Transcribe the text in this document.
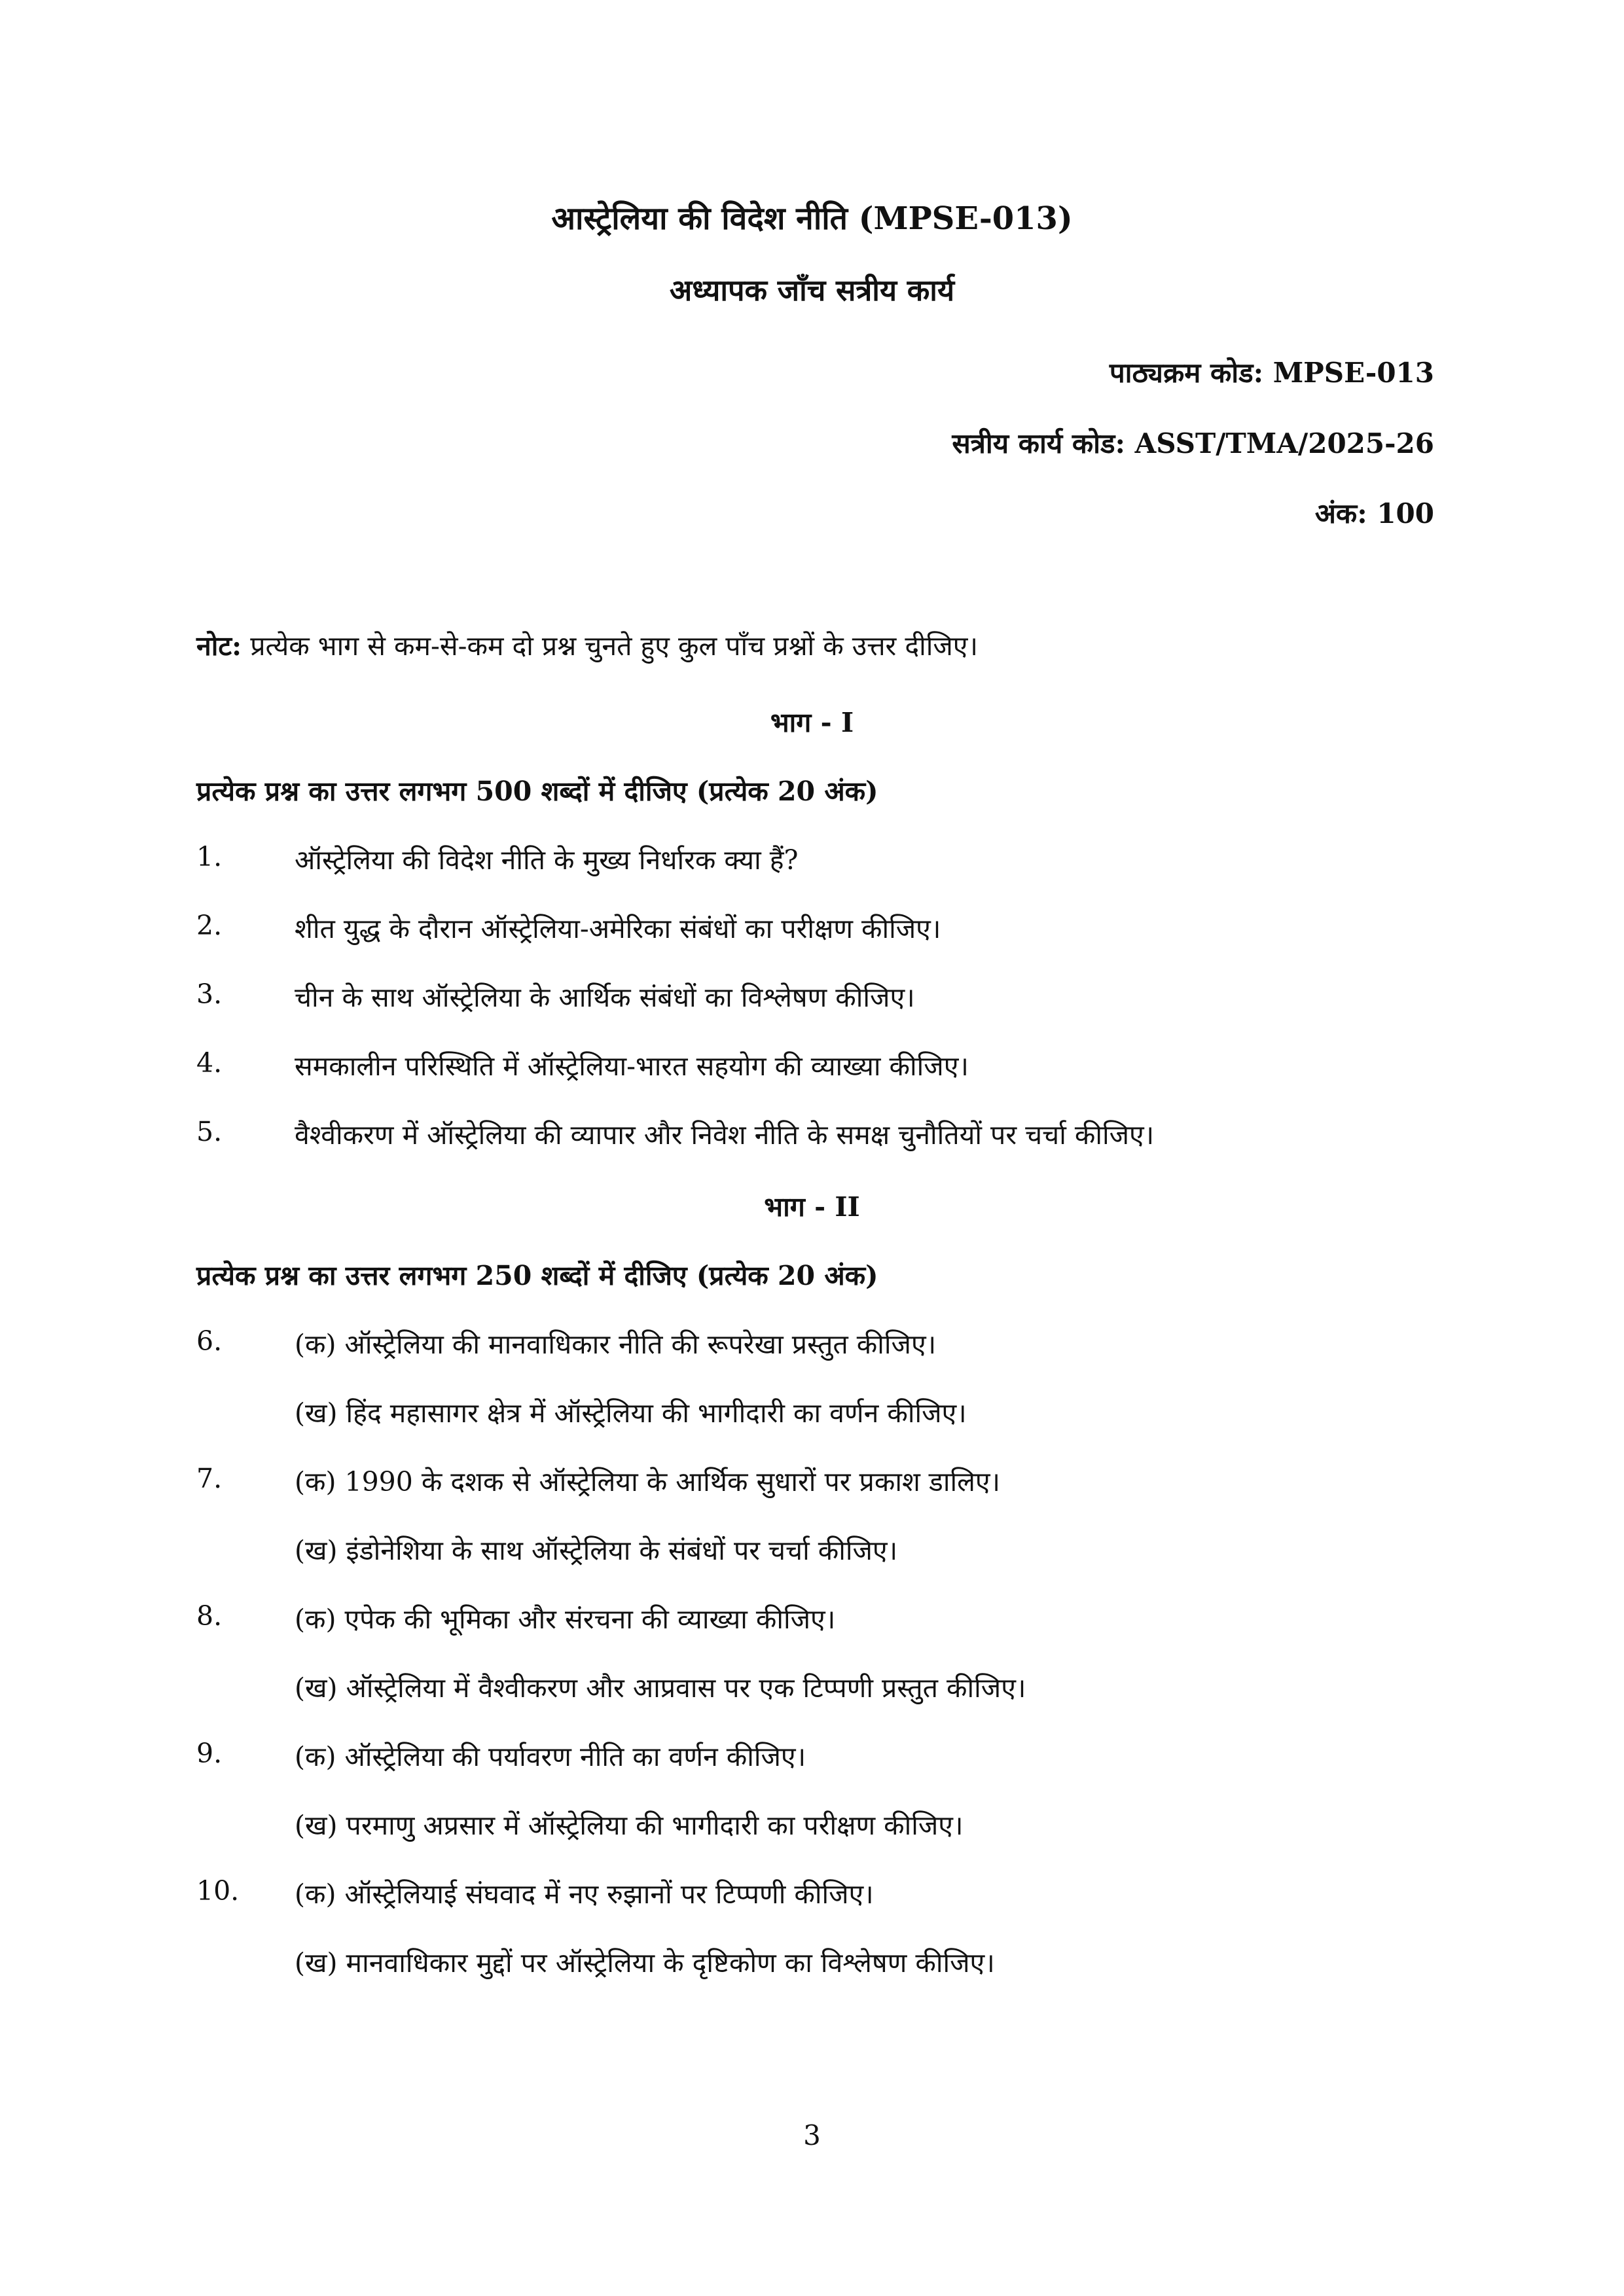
आस्ट्रेलिया की विदेश नीति (MPSE-013)
अध्यापक जाँच सत्रीय कार्य
पाठ्यक्रम कोड: MPSE-013
सत्रीय कार्य कोड: ASST/TMA/2025-26
अंक: 100
नोट: प्रत्येक भाग से कम-से-कम दो प्रश्न चुनते हुए कुल पाँच प्रश्नों के उत्तर दीजिए।
भाग - I
प्रत्येक प्रश्न का उत्तर लगभग 500 शब्दों में दीजिए (प्रत्येक 20 अंक)
1.	ऑस्ट्रेलिया की विदेश नीति के मुख्य निर्धारक क्या हैं?
2.	शीत युद्ध के दौरान ऑस्ट्रेलिया-अमेरिका संबंधों का परीक्षण कीजिए।
3.	चीन के साथ ऑस्ट्रेलिया के आर्थिक संबंधों का विश्लेषण कीजिए।
4.	समकालीन परिस्थिति में ऑस्ट्रेलिया-भारत सहयोग की व्याख्या कीजिए।
5.	वैश्वीकरण में ऑस्ट्रेलिया की व्यापार और निवेश नीति के समक्ष चुनौतियों पर चर्चा कीजिए।
भाग - II
प्रत्येक प्रश्न का उत्तर लगभग 250 शब्दों में दीजिए (प्रत्येक 20 अंक)
6.	(क) ऑस्ट्रेलिया की मानवाधिकार नीति की रूपरेखा प्रस्तुत कीजिए।
(ख) हिंद महासागर क्षेत्र में ऑस्ट्रेलिया की भागीदारी का वर्णन कीजिए।
7.	(क) 1990 के दशक से ऑस्ट्रेलिया के आर्थिक सुधारों पर प्रकाश डालिए।
(ख) इंडोनेशिया के साथ ऑस्ट्रेलिया के संबंधों पर चर्चा कीजिए।
8.	(क) एपेक की भूमिका और संरचना की व्याख्या कीजिए।
(ख) ऑस्ट्रेलिया में वैश्वीकरण और आप्रवास पर एक टिप्पणी प्रस्तुत कीजिए।
9.	(क) ऑस्ट्रेलिया की पर्यावरण नीति का वर्णन कीजिए।
(ख) परमाणु अप्रसार में ऑस्ट्रेलिया की भागीदारी का परीक्षण कीजिए।
10. (क) ऑस्ट्रेलियाई संघवाद में नए रुझानों पर टिप्पणी कीजिए।
(ख) मानवाधिकार मुद्दों पर ऑस्ट्रेलिया के दृष्टिकोण का विश्लेषण कीजिए।
3
